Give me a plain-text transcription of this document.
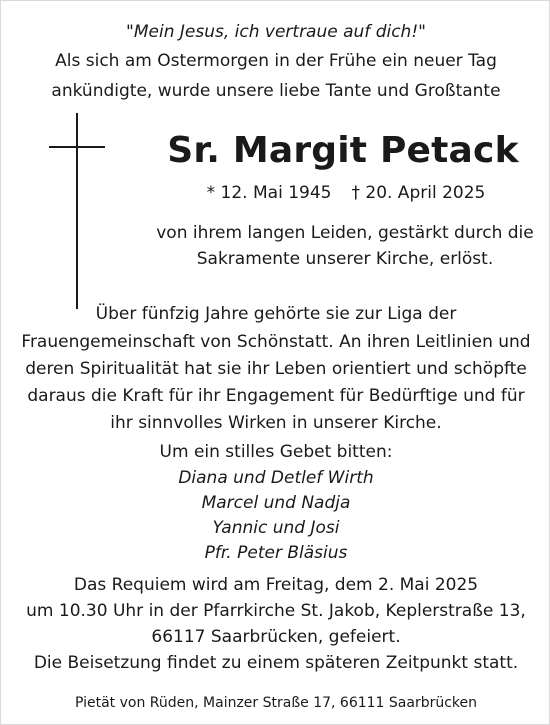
"Mein Jesus, ich vertraue auf dich!"
Als sich am Ostermorgen in der Frühe ein neuer Tag
ankündigte, wurde unsere liebe Tante und Großtante
Sr. Margit Petack
* 12. Mai 1945 † 20. April 2025
von ihrem langen Leiden, gestärkt durch die
Sakramente unserer Kirche, erlöst.
Über fünfzig Jahre gehörte sie zur Liga der
Frauengemeinschaft von Schönstatt. An ihren Leitlinien und
deren Spiritualität hat sie ihr Leben orientiert und schöpfte
daraus die Kraft für ihr Engagement für Bedürftige und für
ihr sinnvolles Wirken in unserer Kirche.
Um ein stilles Gebet bitten:
Diana und Detlef Wirth
Marcel und Nadja
Yannic und Josi
Pfr. Peter Bläsius
Das Requiem wird am Freitag, dem 2. Mai 2025
um 10.30 Uhr in der Pfarrkirche St. Jakob, Keplerstraße 13,
66117 Saarbrücken, gefeiert.
Die Beisetzung findet zu einem späteren Zeitpunkt statt.
Pietät von Rüden, Mainzer Straße 17, 66111 Saarbrücken
